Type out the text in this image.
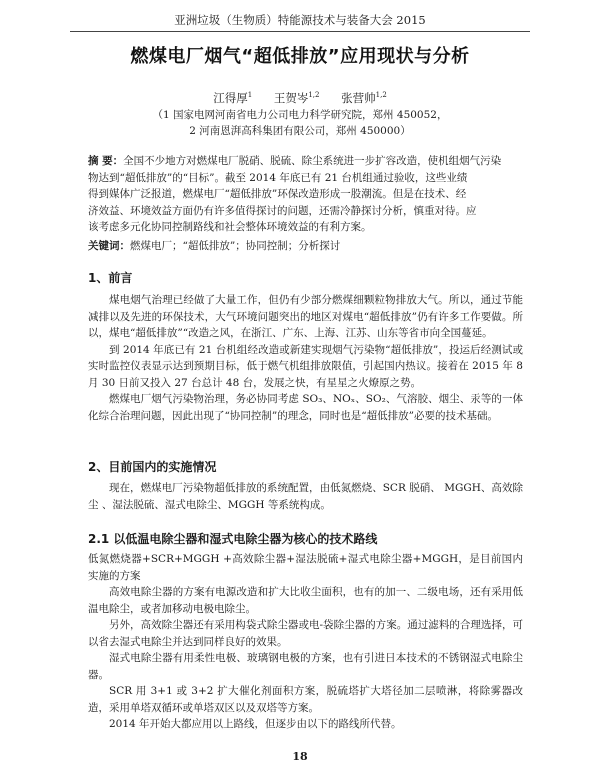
亚洲垃圾（生物质）特能源技术与装备大会 2015
燃煤电厂烟气“超低排放”应用现状与分析
江得厚$^1$ 王贺岑$^{1,2}$ 张营帅$^{1,2}$
（1 国家电网河南省电力公司电力科学研究院，郑州 450052，
2 河南恩湃高科集团有限公司，郑州 450000）
摘 要：全国不少地方对燃煤电厂脱硝、脱硫、除尘系统进一步扩容改造，使机组烟气污染
物达到“超低排放”的“目标”。截至 2014 年底已有 21 台机组通过验收，这些业绩
得到媒体广泛报道，燃煤电厂“超低排放”环保改造形成一股潮流。但是在技术、经
济效益、环境效益方面仍有许多值得探讨的问题，还需冷静探讨分析，慎重对待。应
该考虑多元化协同控制路线和社会整体环境效益的有利方案。
关键词：燃煤电厂；“超低排放”；协同控制；分析探讨
1、前言

煤电烟气治理已经做了大量工作，但仍有少部分燃煤细颗粒物排放大气。所以，通过节能减排以及先进的环保技术，大气环境问题突出的地区对煤电“超低排放”仍有许多工作要做。所以，煤电“超低排放”“改造之风，在浙江、广东、上海、江苏、山东等省市向全国蔓延。

到 2014 年底已有 21 台机组经改造或新建实现烟气污染物“超低排放”，投运后经测试或实时监控仪表显示达到预期目标，低于燃气机组排放限值，引起国内热议。接着在 2015 年 8 月 30 日前又投入 27 台总计 48 台，发展之快，有星星之火燎原之势。

燃煤电厂烟气污染物治理，务必协同考虑 SO₃、NOₓ、SO₂、气溶胶、烟尘、汞等的一体化综合治理问题，因此出现了“协同控制”的理念，同时也是“超低排放”必要的技术基础。

2、目前国内的实施情况

现在，燃煤电厂污染物超低排放的系统配置，由低氮燃烧、SCR 脱硝、 MGGH、高效除尘 、湿法脱硫、湿式电除尘、MGGH 等系统构成。

2.1 以低温电除尘器和湿式电除尘器为核心的技术路线

低氮燃烧器+SCR+MGGH +高效除尘器+湿法脱硫+湿式电除尘器+MGGH，是目前国内实施的方案

高效电除尘器的方案有电源改造和扩大比收尘面积，也有的加一、二级电场，还有采用低温电除尘，或者加移动电极电除尘。

另外，高效除尘器还有采用构袋式除尘器或电-袋除尘器的方案。通过滤料的合理选择，可以省去湿式电除尘并达到同样良好的效果。

湿式电除尘器有用柔性电极、玻璃钢电极的方案，也有引进日本技术的不锈钢湿式电除尘器。

SCR 用 3+1 或 3+2 扩大催化剂面积方案，脱硫塔扩大塔径加二层喷淋，将除雾器改造，采用单塔双循环或单塔双区以及双塔等方案。

2014 年开始大都应用以上路线，但逐步由以下的路线所代替。

18
